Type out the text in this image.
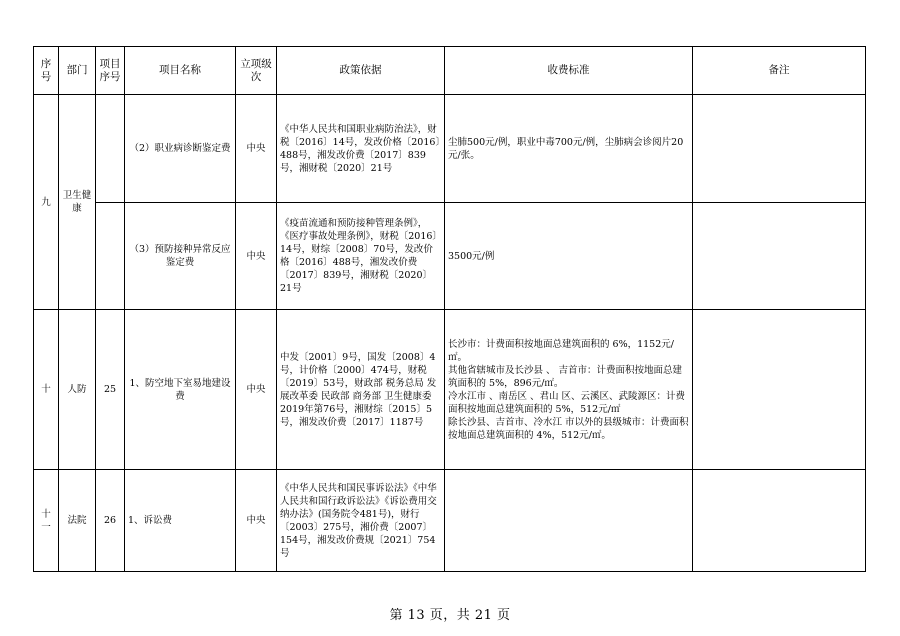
序号	部门	项目序号	项目名称	立项级次	政策依据	收费标准	备注
九	卫生健康		（2）职业病诊断鉴定费	中央	《中华人民共和国职业病防治法》，财税〔2016〕14号，发改价格〔2016〕488号，湘发改价费〔2017〕839号，湘财税〔2020〕21号	尘肺500元/例，职业中毒700元/例，尘肺病会诊阅片20元/张。	

			（3）预防接种异常反应鉴定费	中央	《疫苗流通和预防接种管理条例》，《医疗事故处理条例》，财税〔2016〕14号，财综〔2008〕70号，发改价格〔2016〕488号，湘发改价费〔2017〕839号，湘财税〔2020〕21号	3500元/例	

十	人防	25	1、防空地下室易地建设费	中央	中发〔2001〕9号，国发〔2008〕4号，计价格〔2000〕474号，财税〔2019〕53号，财政部 税务总局 发展改革委 民政部 商务部 卫生健康委2019年第76号，湘财综〔2015〕5号，湘发改价费〔2017〕1187号	长沙市：计费面积按地面总建筑面积的 6%，1152元/㎡。
其他省辖城市及长沙县 、 吉首市：计费面积按地面总建筑面积的 5%，896元/㎡。
冷水江市 、南岳区 、君山 区、云溪区、武陵源区：计费面积按地面总建筑面积的 5%，512元/㎡
除长沙县、吉首市、冷水江 市以外的县级城市：计费面积按地面总建筑面积的 4%，512元/㎡。	

十一	法院	26	1、诉讼费	中央	《中华人民共和国民事诉讼法》《中华人民共和国行政诉讼法》《诉讼费用交纳办法》(国务院令481号)，财行〔2003〕275号，湘价费〔2007〕154号，湘发改价费规〔2021〕754号	

第 13 页，共 21 页
